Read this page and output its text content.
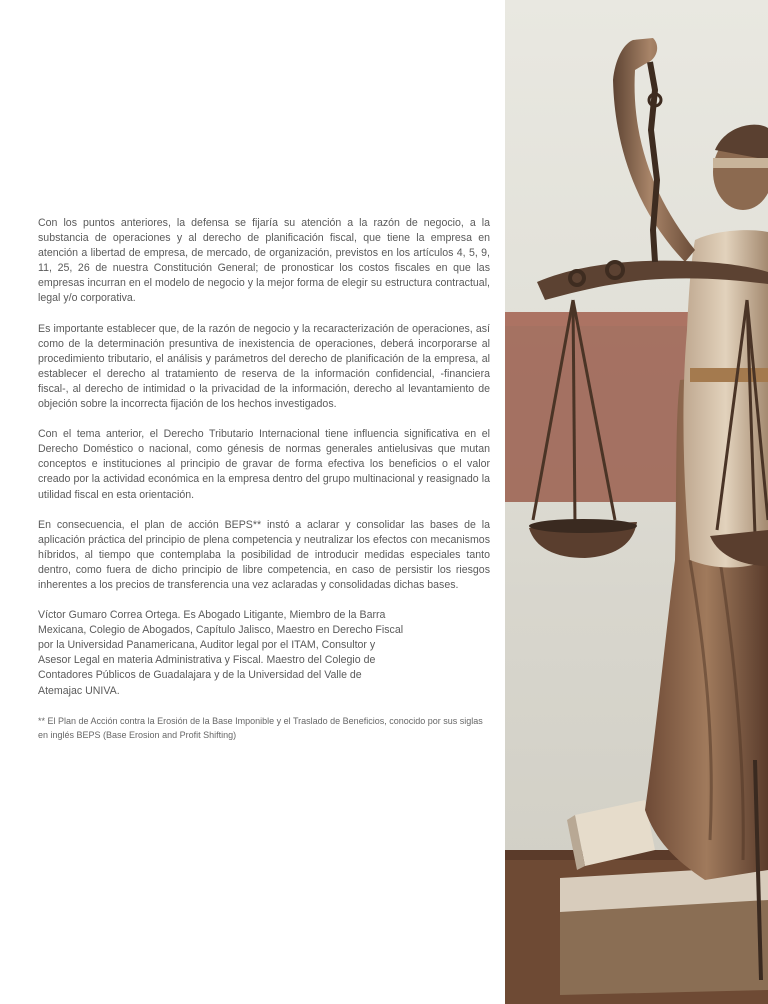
Con los puntos anteriores, la defensa se fijaría su atención a la razón de negocio, a la substancia de operaciones y al derecho de planificación fiscal, que tiene la empresa en atención a libertad de empresa, de mercado, de organización, previstos en los artículos 4, 5, 9, 11, 25, 26 de nuestra Constitución General; de pronosticar los costos fiscales en que las empresas incurran en el modelo de negocio y la mejor forma de elegir su estructura contractual, legal y/o corporativa.

Es importante establecer que, de la razón de negocio y la recaracterización de operaciones, así como de la determinación presuntiva de inexistencia de operaciones, deberá incorporarse al procedimiento tributario, el análisis y parámetros del derecho de planificación de la empresa, al establecer el derecho al tratamiento de reserva de la información confidencial, -financiera fiscal-, al derecho de intimidad o la privacidad de la información, derecho al levantamiento de objeción sobre la incorrecta fijación de los hechos investigados.

Con el tema anterior, el Derecho Tributario Internacional tiene influencia significativa en el Derecho Doméstico o nacional, como génesis de normas generales antielusivas que mutan conceptos e instituciones al principio de gravar de forma efectiva los beneficios o el valor creado por la actividad económica en la empresa dentro del grupo multinacional y reasignado la utilidad fiscal en esta orientación.

En consecuencia, el plan de acción BEPS** instó a aclarar y consolidar las bases de la aplicación práctica del principio de plena competencia y neutralizar los efectos con mecanismos híbridos, al tiempo que contemplaba la posibilidad de introducir medidas especiales tanto dentro, como fuera de dicho principio de libre competencia, en caso de persistir los riesgos inherentes a los precios de transferencia una vez aclaradas y consolidadas dichas bases.

Víctor Gumaro Correa Ortega. Es Abogado Litigante, Miembro de la Barra Mexicana, Colegio de Abogados, Capítulo Jalisco, Maestro en Derecho Fiscal por la Universidad Panamericana, Auditor legal por el ITAM, Consultor y Asesor Legal en materia Administrativa y Fiscal. Maestro del Colegio de Contadores Públicos de Guadalajara y de la Universidad del Valle de Atemajac UNIVA.

** El Plan de Acción contra la Erosión de la Base Imponible y el Traslado de Beneficios, conocido por sus siglas en inglés BEPS (Base Erosion and Profit Shifting)
